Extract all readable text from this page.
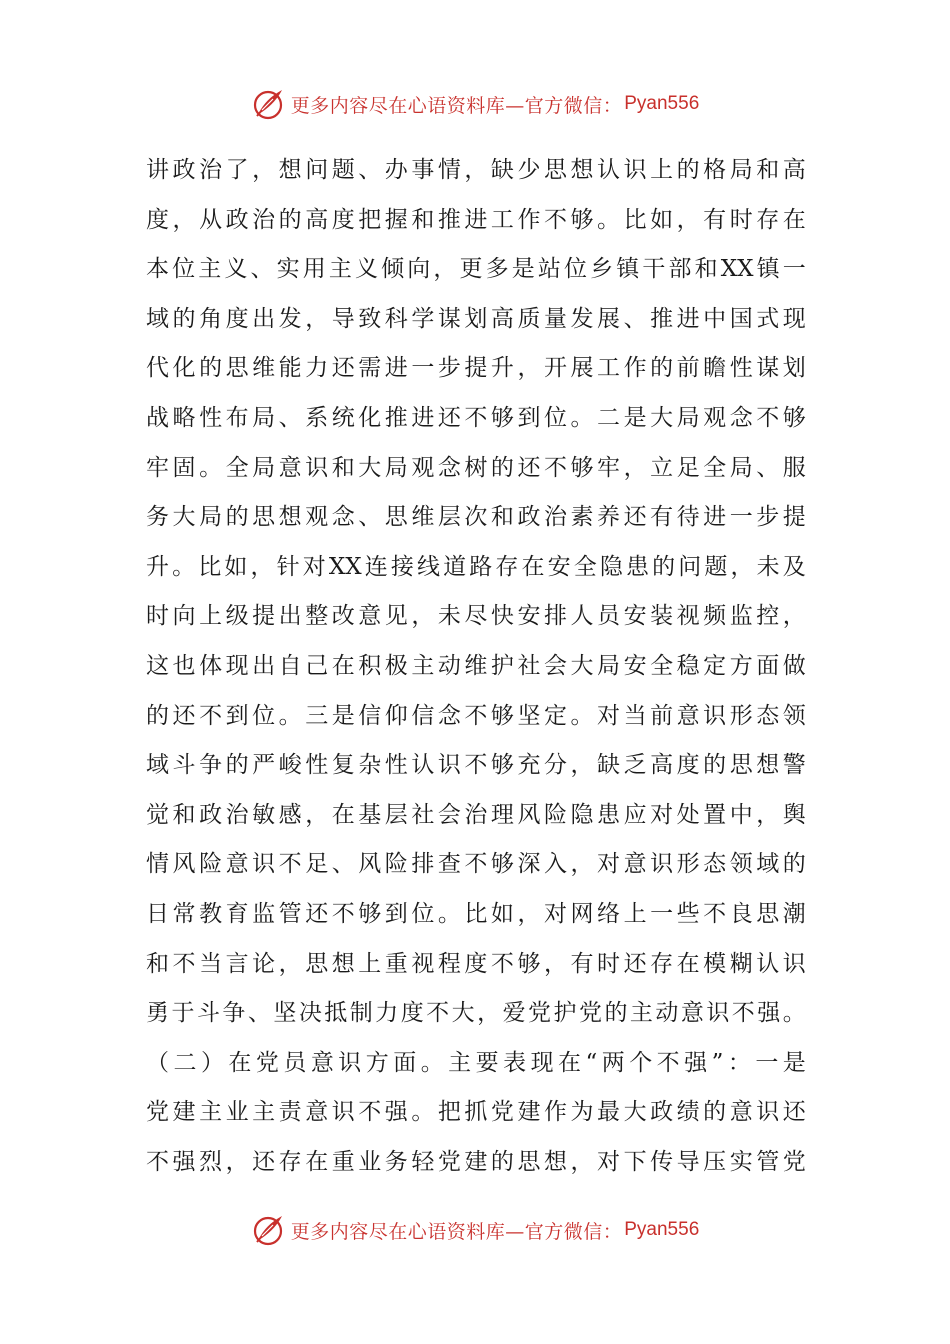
更多内容尽在心语资料库—官方微信： Pyan556
讲 政 治 了 ， 想 问 题 、 办 事 情 ， 缺 少 思 想 认 识 上 的 格 局 和 高
度 ， 从 政 治 的 高 度 把 握 和 推 进 工 作 不 够 。 比 如 ， 有 时 存 在
本 位 主 义 、 实 用 主 义 倾 向 ， 更 多 是 站 位 乡 镇 干 部 和 XX 镇 一
域 的 角 度 出 发 ， 导 致 科 学 谋 划 高 质 量 发 展 、 推 进 中 国 式 现
代 化 的 思 维 能 力 还 需 进 一 步 提 升 ， 开 展 工 作 的 前 瞻 性 谋 划
战 略 性 布 局 、 系 统 化 推 进 还 不 够 到 位 。 二 是 大 局 观 念 不 够
牢 固 。 全 局 意 识 和 大 局 观 念 树 的 还 不 够 牢 ， 立 足 全 局 、 服
务 大 局 的 思 想 观 念 、 思 维 层 次 和 政 治 素 养 还 有 待 进 一 步 提
升 。 比 如 ， 针 对 XX 连 接 线 道 路 存 在 安 全 隐 患 的 问 题 ， 未 及
时 向 上 级 提 出 整 改 意 见 ， 未 尽 快 安 排 人 员 安 装 视 频 监 控 ，
这 也 体 现 出 自 己 在 积 极 主 动 维 护 社 会 大 局 安 全 稳 定 方 面 做
的 还 不 到 位 。 三 是 信 仰 信 念 不 够 坚 定 。 对 当 前 意 识 形 态 领
域 斗 争 的 严 峻 性 复 杂 性 认 识 不 够 充 分 ， 缺 乏 高 度 的 思 想 警
觉 和 政 治 敏 感 ， 在 基 层 社 会 治 理 风 险 隐 患 应 对 处 置 中 ， 舆
情 风 险 意 识 不 足 、 风 险 排 查 不 够 深 入 ， 对 意 识 形 态 领 域 的
日 常 教 育 监 管 还 不 够 到 位 。 比 如 ， 对 网 络 上 一 些 不 良 思 潮
和 不 当 言 论 ， 思 想 上 重 视 程 度 不 够 ， 有 时 还 存 在 模 糊 认 识
勇 于 斗 争 、 坚 决 抵 制 力 度 不 大 ， 爱 党 护 党 的 主 动 意 识 不 强 。
（ 二 ） 在 党 员 意 识 方 面 。 主 要 表 现 在 “ 两 个 不 强 ” ： 一 是
党 建 主 业 主 责 意 识 不 强 。 把 抓 党 建 作 为 最 大 政 绩 的 意 识 还
不 强 烈 ， 还 存 在 重 业 务 轻 党 建 的 思 想 ， 对 下 传 导 压 实 管 党
更多内容尽在心语资料库—官方微信： Pyan556
